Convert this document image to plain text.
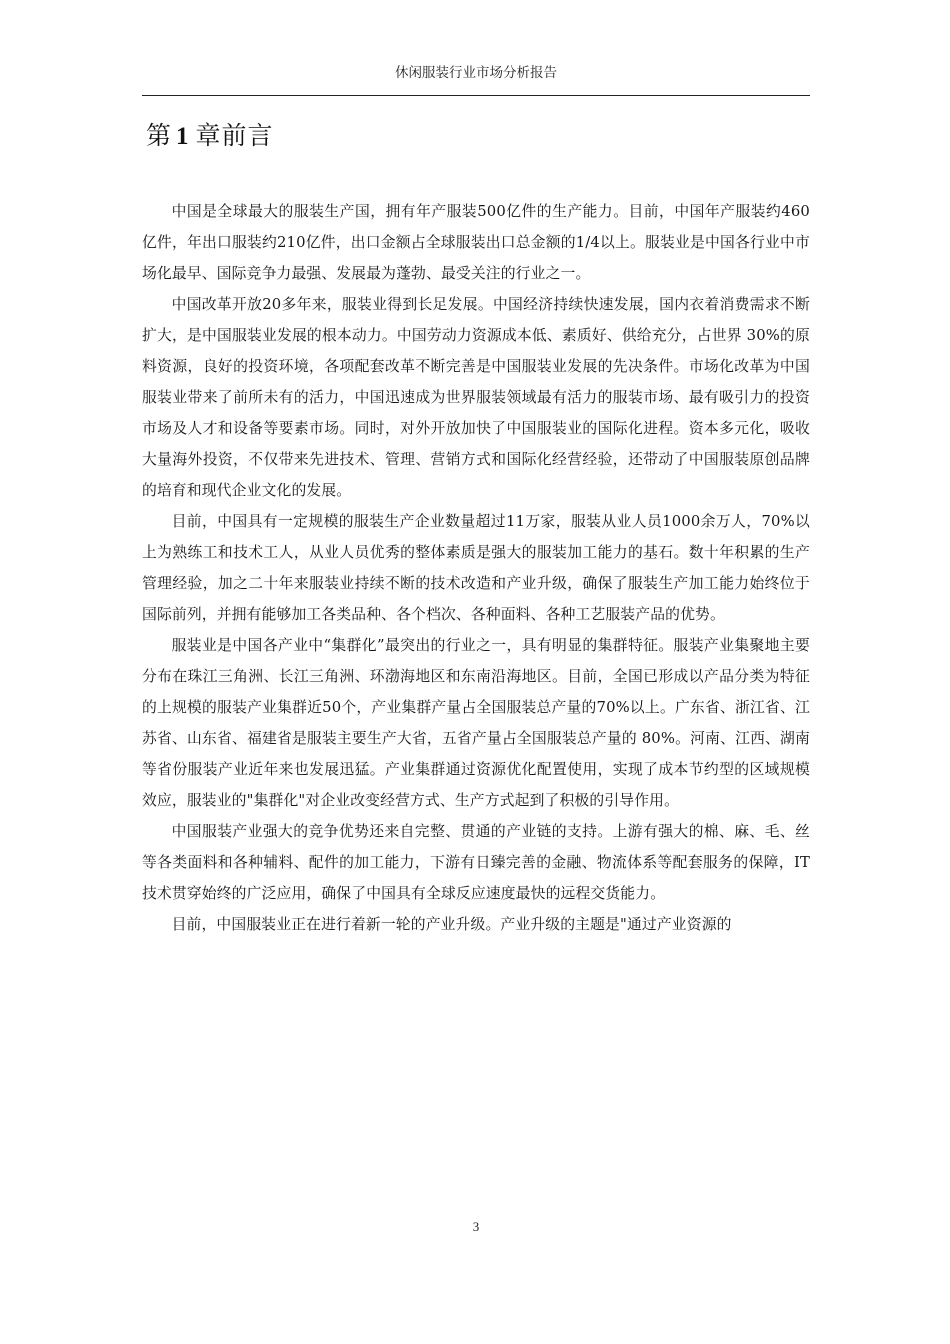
休闲服装行业市场分析报告
第 1 章前言

中国是全球最大的服装生产国，拥有年产服装500亿件的生产能力。目前，中国年产服装约460亿件，年出口服装约210亿件，出口金额占全球服装出口总金额的1/4以上。服装业是中国各行业中市场化最早、国际竞争力最强、发展最为蓬勃、最受关注的行业之一。

中国改革开放20多年来，服装业得到长足发展。中国经济持续快速发展，国内衣着消费需求不断扩大，是中国服装业发展的根本动力。中国劳动力资源成本低、素质好、供给充分，占世界 30%的原料资源，良好的投资环境，各项配套改革不断完善是中国服装业发展的先决条件。市场化改革为中国服装业带来了前所未有的活力，中国迅速成为世界服装领域最有活力的服装市场、最有吸引力的投资市场及人才和设备等要素市场。同时，对外开放加快了中国服装业的国际化进程。资本多元化，吸收大量海外投资，不仅带来先进技术、管理、营销方式和国际化经营经验，还带动了中国服装原创品牌的培育和现代企业文化的发展。

目前，中国具有一定规模的服装生产企业数量超过11万家，服装从业人员1000余万人，70%以上为熟练工和技术工人，从业人员优秀的整体素质是强大的服装加工能力的基石。数十年积累的生产管理经验，加之二十年来服装业持续不断的技术改造和产业升级，确保了服装生产加工能力始终位于国际前列，并拥有能够加工各类品种、各个档次、各种面料、各种工艺服装产品的优势。

服装业是中国各产业中“集群化”最突出的行业之一，具有明显的集群特征。服装产业集聚地主要分布在珠江三角洲、长江三角洲、环渤海地区和东南沿海地区。目前，全国已形成以产品分类为特征的上规模的服装产业集群近50个，产业集群产量占全国服装总产量的70%以上。广东省、浙江省、江苏省、山东省、福建省是服装主要生产大省，五省产量占全国服装总产量的 80%。河南、江西、湖南等省份服装产业近年来也发展迅猛。产业集群通过资源优化配置使用，实现了成本节约型的区域规模效应，服装业的"集群化"对企业改变经营方式、生产方式起到了积极的引导作用。

中国服装产业强大的竞争优势还来自完整、贯通的产业链的支持。上游有强大的棉、麻、毛、丝等各类面料和各种辅料、配件的加工能力，下游有日臻完善的金融、物流体系等配套服务的保障，IT 技术贯穿始终的广泛应用，确保了中国具有全球反应速度最快的远程交货能力。

目前，中国服装业正在进行着新一轮的产业升级。产业升级的主题是"通过产业资源的

3
